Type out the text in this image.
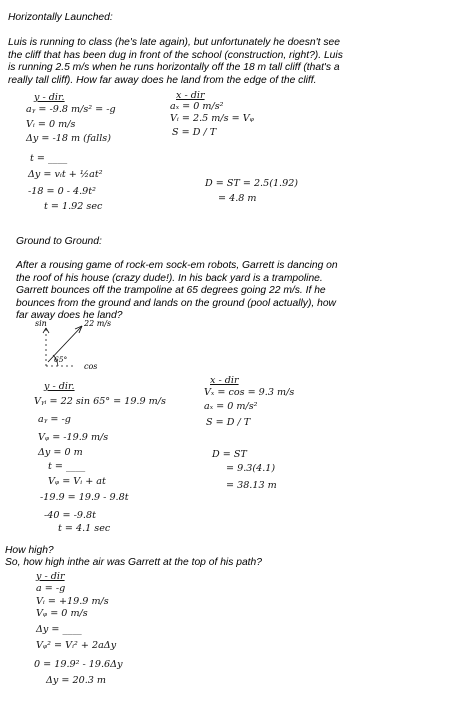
Horizontally Launched:
Luis is running to class (he's late again), but unfortunately he doesn't see
the cliff that has been dug in front of the school (construction, right?). Luis
is running 2.5 m/s when he runs horizontally off the 18 m tall cliff (that's a
really tall cliff). How far away does he land from the edge of the cliff.
y - dir.
aᵧ = -9.8 m/s² = -g
Vᵢ = 0 m/s
Δy = -18 m (falls)
t = ____
Δy = vᵢt + ½at²
-18 = 0 - 4.9t²
t = 1.92 sec
x - dir
aₓ = 0 m/s²
Vᵢ = 2.5 m/s = Vᵩ
S = D / T
D = ST = 2.5(1.92)
= 4.8 m
Ground to Ground:
After a rousing game of rock-em sock-em robots, Garrett is dancing on
the roof of his house (crazy dude!). In his back yard is a trampoline.
Garrett bounces off the trampoline at 65 degrees going 22 m/s. If he
bounces from the ground and lands on the ground (pool actually), how
far away does he land?
sin	22 m/s
65°
cos
y - dir.
Vᵧᵢ = 22 sin 65° = 19.9 m/s
aᵧ = -g
Vᵩ = -19.9 m/s
Δy = 0 m
t = ____
Vᵩ = Vᵢ + at
-19.9 = 19.9 - 9.8t
-40 = -9.8t
t = 4.1 sec
x - dir
Vₓ = cos = 9.3 m/s
aₓ = 0 m/s²
S = D / T
D = ST
= 9.3(4.1)
= 38.13 m
How high?
So, how high inthe air was Garrett at the top of his path?
y - dir
a = -g
Vᵢ = +19.9 m/s
Vᵩ = 0 m/s
Δy = ____
Vᵩ² = Vᵢ² + 2aΔy
0 = 19.9² - 19.6Δy
Δy = 20.3 m
